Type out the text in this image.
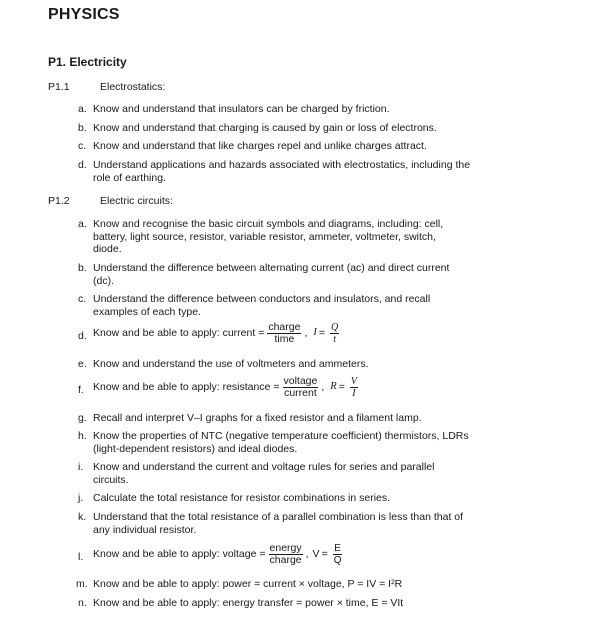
PHYSICS
P1. Electricity
P1.1	Electrostatics:
a. Know and understand that insulators can be charged by friction.
b. Know and understand that charging is caused by gain or loss of electrons.
c. Know and understand that like charges repel and unlike charges attract.
d. Understand applications and hazards associated with electrostatics, including the
role of earthing.
P1.2	Electric circuits:
a. Know and recognise the basic circuit symbols and diagrams, including: cell,
battery, light source, resistor, variable resistor, ammeter, voltmeter, switch,
diode.
b. Understand the difference between alternating current (ac) and direct current
(dc).
c. Understand the difference between conductors and insulators, and recall
examples of each type.
d. Know and be able to apply: current = $\frac{\text{charge}}{\text{time}}$ , $I = \frac{Q}{t}$
e. Know and understand the use of voltmeters and ammeters.
f. Know and be able to apply: resistance = $\frac{\text{voltage}}{\text{current}}$ , $R = \frac{V}{I}$
g. Recall and interpret V–I graphs for a fixed resistor and a filament lamp.
h. Know the properties of NTC (negative temperature coefficient) thermistors, LDRs
(light-dependent resistors) and ideal diodes.
i. Know and understand the current and voltage rules for series and parallel
circuits.
j. Calculate the total resistance for resistor combinations in series.
k. Understand that the total resistance of a parallel combination is less than that of
any individual resistor.
l. Know and be able to apply: voltage = $\frac{\text{energy}}{\text{charge}}$ , $V = \frac{E}{Q}$
m. Know and be able to apply: power = current × voltage, P = IV = I²R
n. Know and be able to apply: energy transfer = power × time, E = VIt
